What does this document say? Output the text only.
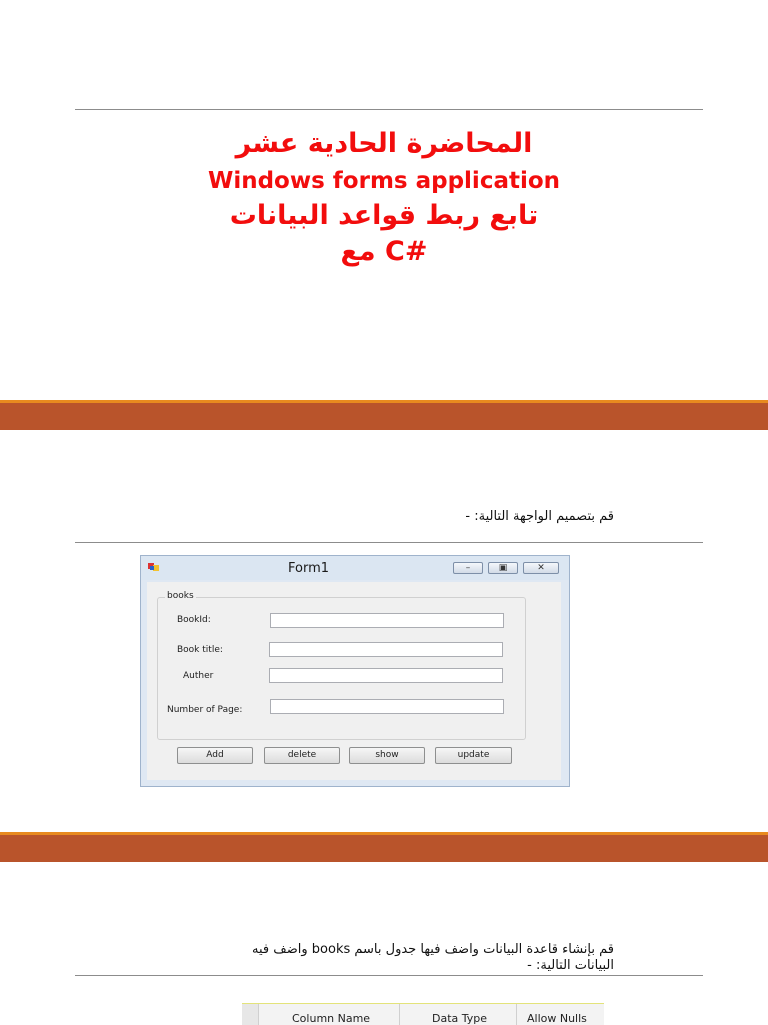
المحاضرة الحادية عشر
Windows forms application
تابع ربط قواعد البيانات
مع C#
قم بتصميم الواجهة التالية: -
Form1	–	▣	✕
books
BookId:
Book title:
Auther
Number of Page:
Add	delete	show	update
قم بإنشاء قاعدة البيانات واضف فيها جدول باسم books واضف فيه
البيانات التالية: -
Column Name	Data Type	Allow Nulls
